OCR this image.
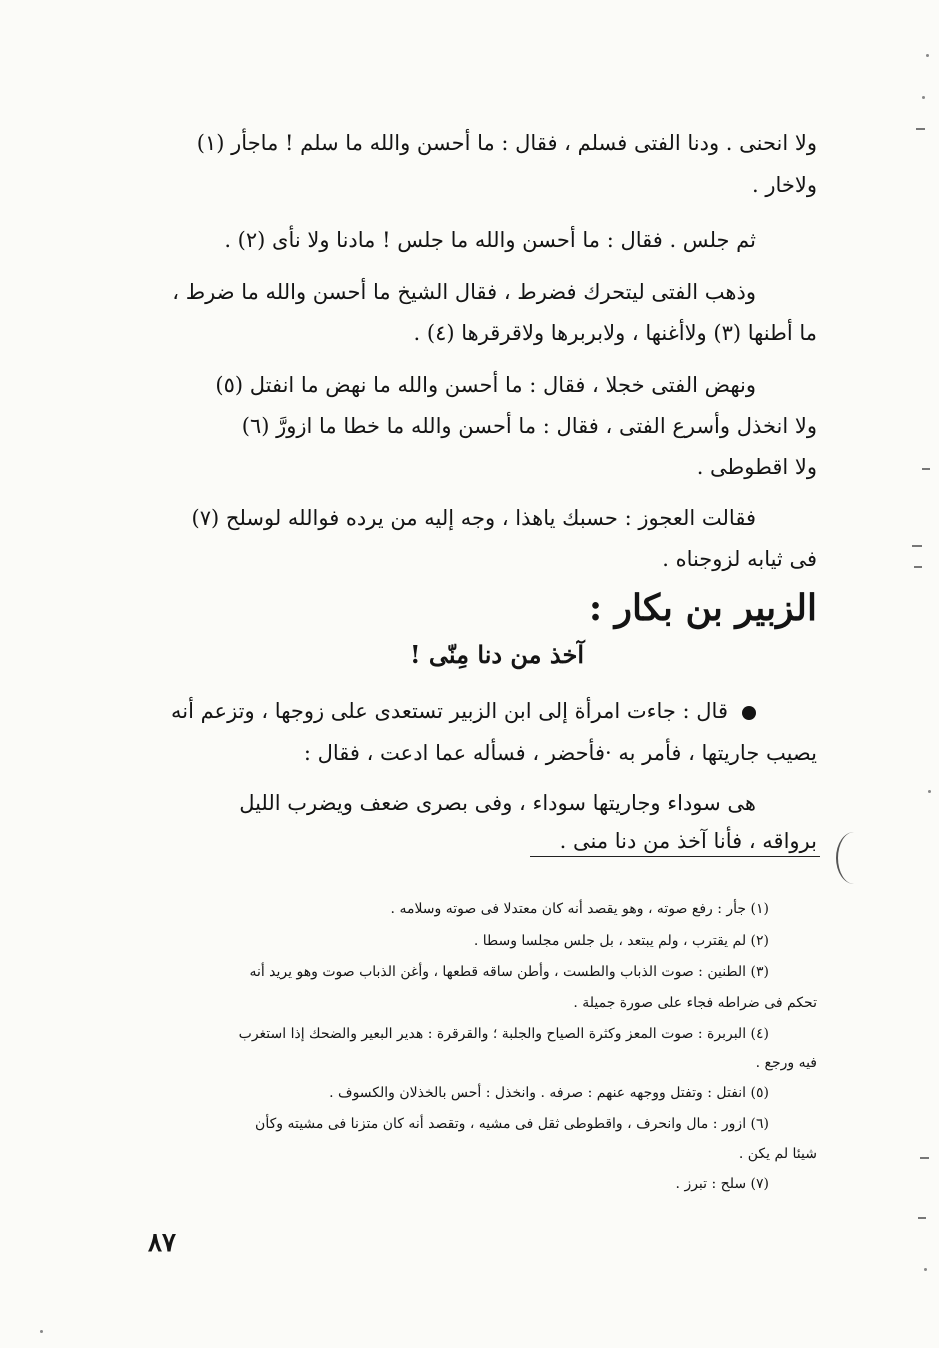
ولا انحنى . ودنا الفتى فسلم ، فقال : ما أحسن والله ما سلم ! ماجأر (١)
ولاخار .
ثم جلس . فقال : ما أحسن والله ما جلس ! مادنا ولا نأى (٢) .
وذهب الفتى ليتحرك فضرط ، فقال الشيخ ما أحسن والله ما ضرط ،
ما أطنها (٣) ولاأغنها ، ولابربرها ولاقرقرها (٤) .
ونهض الفتى خجلا ، فقال : ما أحسن والله ما نهض ما انفتل (٥)
ولا انخذل وأسرع الفتى ، فقال : ما أحسن والله ما خطا ما ازورَّ (٦)
ولا اقطوطى .
فقالت العجوز : حسبك ياهذا ، وجه إليه من يرده فوالله لوسلح (٧)
فى ثيابه لزوجناه .
الزبير بن بكار :
آخذ من دنا مِنّى !
قال : جاءت امرأة إلى ابن الزبير تستعدى على زوجها ، وتزعم أنه
يصيب جاريتها ، فأمر به ·فأحضر ، فسأله عما ادعت ، فقال :
هى سوداء وجاريتها سوداء ، وفى بصرى ضعف ويضرب الليل
برواقه ، فأنا آخذ من دنا منى .
(١) جأر : رفع صوته ، وهو يقصد أنه كان معتدلا فى صوته وسلامه .
(٢) لم يقترب ، ولم يبتعد ، بل جلس مجلسا وسطا .
(٣) الطنين : صوت الذباب والطست ، وأطن ساقه قطعها ، وأغن الذباب صوت وهو يريد أنه
تحكم فى ضراطه فجاء على صورة جميلة .
(٤) البربرة : صوت المعز وكثرة الصياح والجلبة ؛ والقرقرة : هدير البعير والضحك إذا استغرب
فيه ورجع .
(٥) انفتل : وتفتل ووجهه عنهم : صرفه . وانخذل : أحس بالخذلان والكسوف .
(٦) ازور : مال وانحرف ، واقطوطى ثقل فى مشيه ، وتقصد أنه كان متزنا فى مشيته وكأن
شيئا لم يكن .
(٧) سلح : تبرز .
٨٧
